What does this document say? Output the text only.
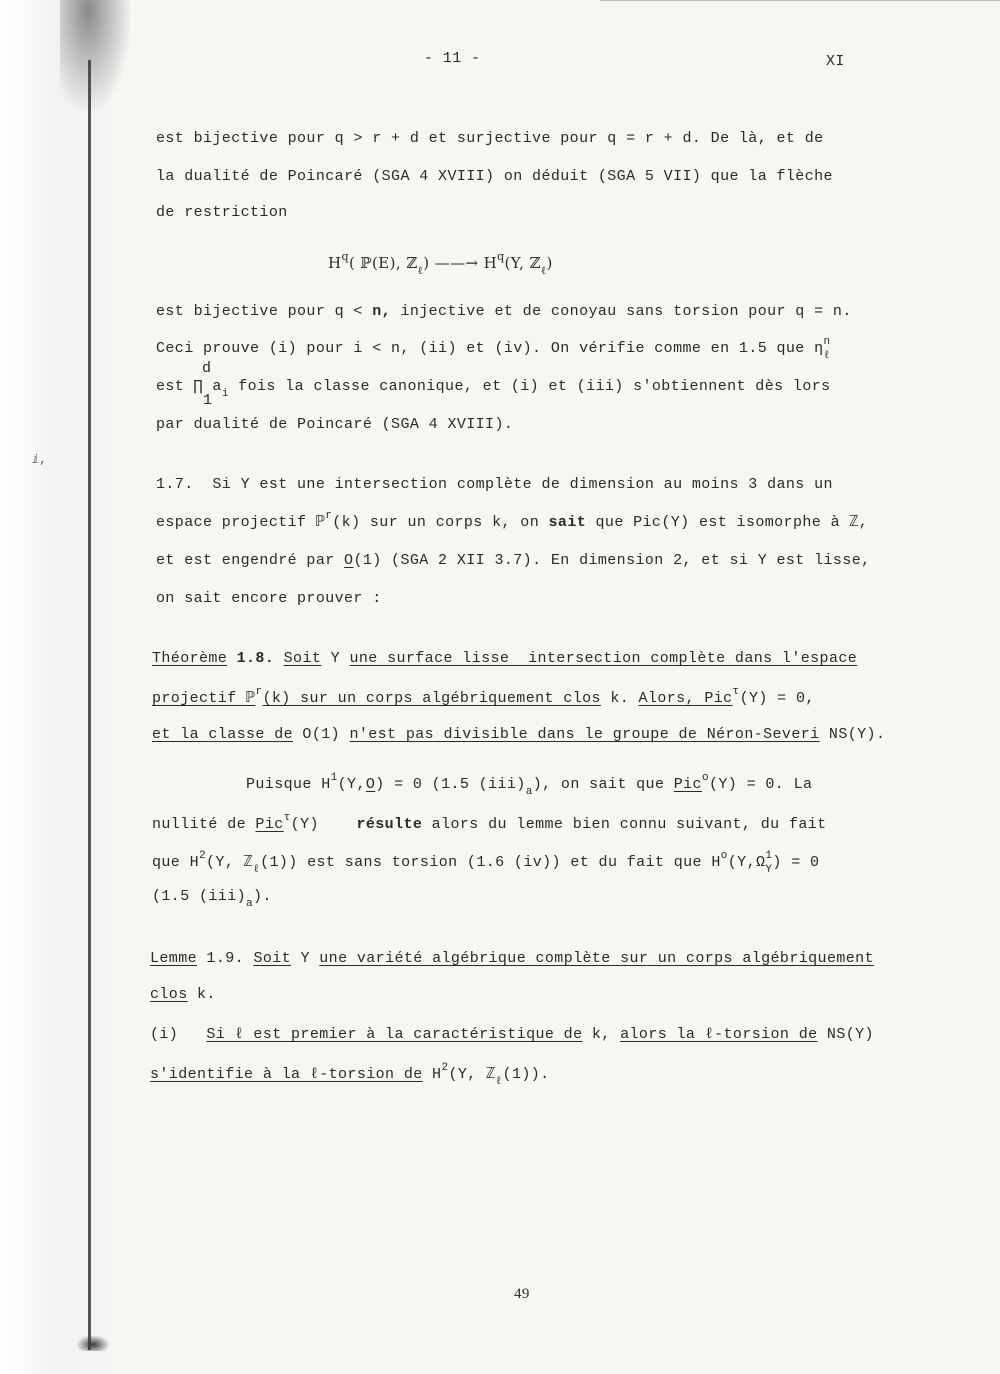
- 11 -	XI
ⅈ,
est bijective pour q > r + d et surjective pour q = r + d. De là, et de
la dualité de Poincaré (SGA 4 XVIII) on déduit (SGA 5 VII) que la flèche
de restriction
$H^q$( ℙ(E), ℤ$_\ell$) ——→ $H^q(Y$, ℤ$_\ell$)
est bijective pour q < n, injective et de conoyau sans torsion pour q = n.
Ceci prouve (i) pour i < n, (ii) et (iv). On vérifie comme en 1.5 que $\eta^n_\ell$
d
est ∏ $a_i$ fois la classe canonique, et (i) et (iii) s'obtiennent dès lors
1
par dualité de Poincaré (SGA 4 XVIII).
1.7.  Si Y est une intersection complète de dimension au moins 3 dans un
espace projectif ℙ$^r$(k) sur un corps k, on sait que Pic(Y) est isomorphe à ℤ,
et est engendré par O(1) (SGA 2 XII 3.7). En dimension 2, et si Y est lisse,
on sait encore prouver :
Théorème 1.8. Soit Y une surface lisse  intersection complète dans l'espace
projectif ℙ$^r$(k) sur un corps algébriquement clos k. Alors, Pic$^\tau$(Y) = 0,
et la classe de O(1) n'est pas divisible dans le groupe de Néron-Severi NS(Y).
Puisque $H^1(Y,O) = 0$ (1.5 $(iii)_a$), on sait que Pic$^o$(Y) = 0. La
nullité de Pic$^\tau$(Y)    résulte alors du lemme bien connu suivant, du fait
que $H^2(Y$, ℤ$_\ell$(1)) est sans torsion (1.6 (iv)) et du fait que $H^o(Y,\Omega^1_Y) = 0$
(1.5 $(iii)_a$).
Lemme 1.9. Soit Y une variété algébrique complète sur un corps algébriquement
clos k.
(i)   Si ℓ est premier à la caractéristique de k, alors la ℓ-torsion de NS(Y)
s'identifie à la ℓ-torsion de $H^2(Y$, ℤ$_\ell$(1)).
49
